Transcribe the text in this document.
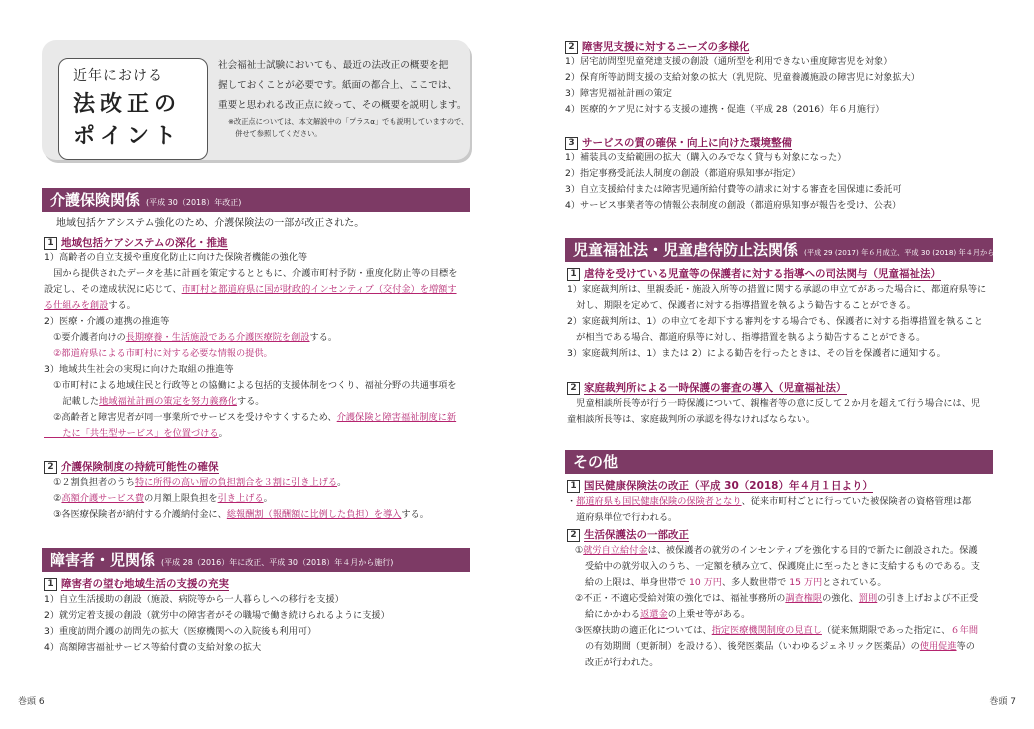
近年における
法改正の
ポイント
社会福祉士試験においても、最近の法改正の概要を把
握しておくことが必要です。紙面の都合上、ここでは、
重要と思われる改正点に絞って、その概要を説明します。
※改正点については、本文解説中の「プラスα」でも説明していますので、
　併せて参照してください。
介護保険関係 (平成 30（2018）年改正)
地域包括ケアシステム強化のため、介護保険法の一部が改正された。
1 地域包括ケアシステムの深化・推進
1）高齢者の自立支援や重度化防止に向けた保険者機能の強化等
　国から提供されたデータを基に計画を策定するとともに、介護市町村予防・重度化防止等の目標を
設定し、その達成状況に応じて、市町村と都道府県に国が財政的インセンティブ（交付金）を増額す
る仕組みを創設する。
2）医療・介護の連携の推進等
　①要介護者向けの長期療養・生活施設である介護医療院を創設する。
　②都道府県による市町村に対する必要な情報の提供。
3）地域共生社会の実現に向けた取組の推進等
　①市町村による地域住民と行政等との協働による包括的支援体制をつくり、福祉分野の共通事項を
　　記載した地域福祉計画の策定を努力義務化する。
　②高齢者と障害児者が同一事業所でサービスを受けやすくするため、介護保険と障害福祉制度に新
　　たに「共生型サービス」を位置づける。
2 介護保険制度の持続可能性の確保
　①２割負担者のうち特に所得の高い層の負担割合を３割に引き上げる。
　②高額介護サービス費の月額上限負担を引き上げる。
　③各医療保険者が納付する介護納付金に、総報酬割（報酬額に比例した負担）を導入する。
障害者・児関係 (平成 28（2016）年に改正、平成 30（2018）年４月から施行)
1 障害者の望む地域生活の支援の充実
1）自立生活援助の創設（施設、病院等から一人暮らしへの移行を支援）
2）就労定着支援の創設（就労中の障害者がその職場で働き続けられるように支援）
3）重度訪問介護の訪問先の拡大（医療機関への入院後も利用可）
4）高額障害福祉サービス等給付費の支給対象の拡大
巻頭 6
2 障害児支援に対するニーズの多様化
1）居宅訪問型児童発達支援の創設（通所型を利用できない重度障害児を対象）
2）保育所等訪問支援の支給対象の拡大（乳児院、児童養護施設の障害児に対象拡大）
3）障害児福祉計画の策定
4）医療的ケア児に対する支援の連携・促進（平成 28（2016）年６月施行）
3 サービスの質の確保・向上に向けた環境整備
1）補装具の支給範囲の拡大（購入のみでなく貸与も対象になった）
2）指定事務受託法人制度の創設（都道府県知事が指定）
3）自立支援給付または障害児通所給付費等の請求に対する審査を国保連に委託可
4）サービス事業者等の情報公表制度の創設（都道府県知事が報告を受け、公表）
児童福祉法・児童虐待防止法関係 (平成 29 (2017) 年６月成立、平成 30 (2018) 年４月から施行)
1 虐待を受けている児童等の保護者に対する指導への司法関与（児童福祉法）
1）家庭裁判所は、里親委託・施設入所等の措置に関する承認の申立てがあった場合に、都道府県等に
　対し、期限を定めて、保護者に対する指導措置を執るよう勧告することができる。
2）家庭裁判所は、1）の申立てを却下する審判をする場合でも、保護者に対する指導措置を執ること
　が相当である場合、都道府県等に対し、指導措置を執るよう勧告することができる。
3）家庭裁判所は、1）または 2）による勧告を行ったときは、その旨を保護者に通知する。
2 家庭裁判所による一時保護の審査の導入（児童福祉法）
　児童相談所長等が行う一時保護について、親権者等の意に反して２か月を超えて行う場合には、児
童相談所長等は、家庭裁判所の承認を得なければならない。
その他
1 国民健康保険法の改正（平成 30（2018）年４月１日より）
・都道府県も国民健康保険の保険者となり、従来市町村ごとに行っていた被保険者の資格管理は都
　道府県単位で行われる。
2 生活保護法の一部改正
①就労自立給付金は、被保護者の就労のインセンティブを強化する目的で新たに創設された。保護
受給中の就労収入のうち、一定額を積み立て、保護廃止に至ったときに支給するものである。支
給の上限は、単身世帯で 10 万円、多人数世帯で 15 万円とされている。
②不正・不適応受給対策の強化では、福祉事務所の調査権限の強化、罰則の引き上げおよび不正受
給にかかわる返還金の上乗せ等がある。
③医療扶助の適正化については、指定医療機関制度の見直し（従来無期限であった指定に、６年間
の有効期間（更新制）を設ける）、後発医薬品（いわゆるジェネリック医薬品）の使用促進等の
改正が行われた。
巻頭 7
